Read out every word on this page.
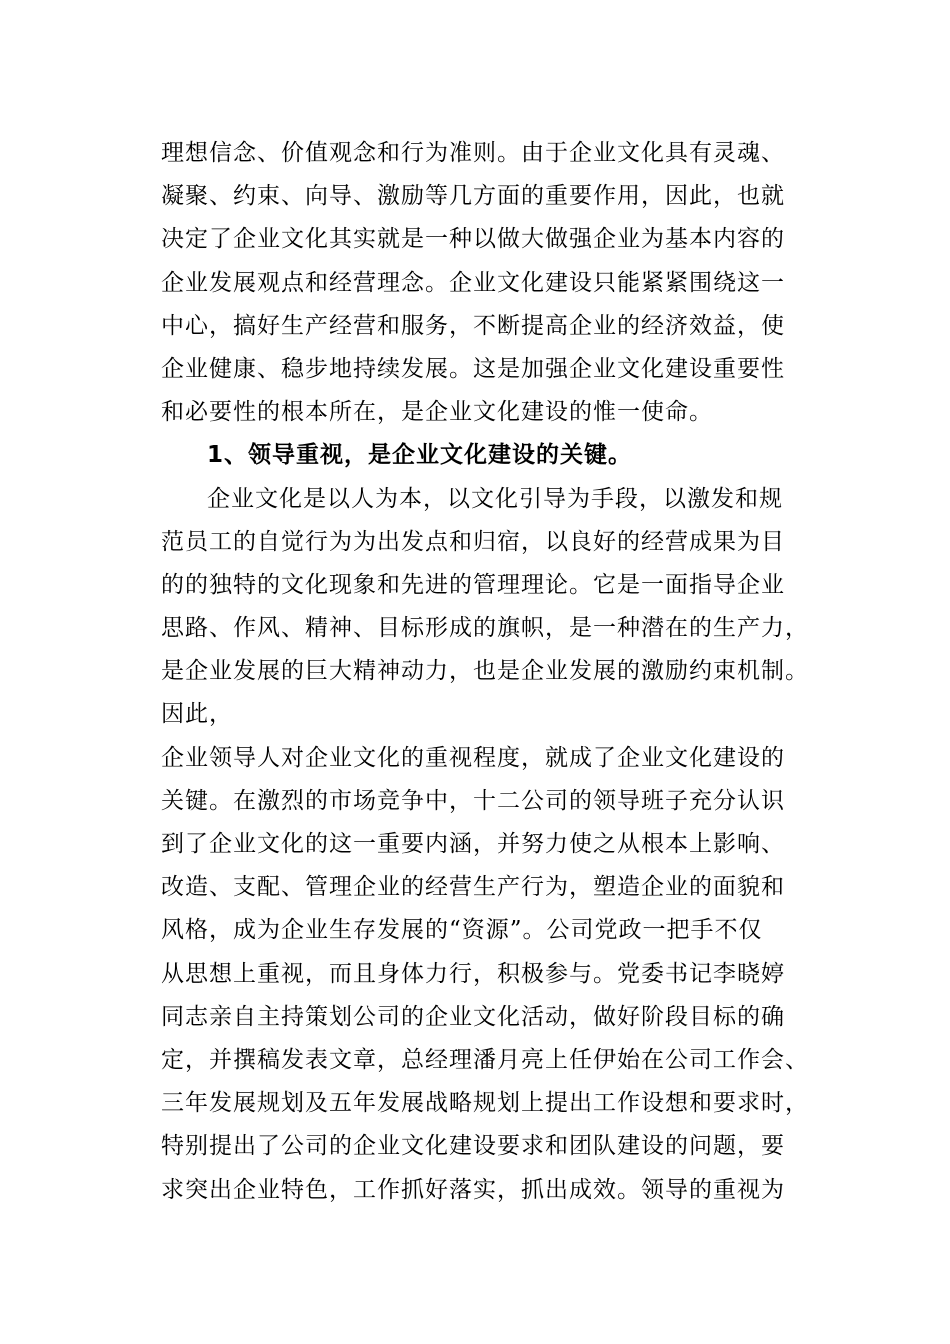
理想信念、价值观念和行为准则。由于企业文化具有灵魂、
凝聚、约束、向导、激励等几方面的重要作用，因此，也就
决定了企业文化其实就是一种以做大做强企业为基本内容的
企业发展观点和经营理念。企业文化建设只能紧紧围绕这一
中心，搞好生产经营和服务，不断提高企业的经济效益，使
企业健康、稳步地持续发展。这是加强企业文化建设重要性
和必要性的根本所在，是企业文化建设的惟一使命。
1、领导重视，是企业文化建设的关键。
企业文化是以人为本，以文化引导为手段，以激发和规
范员工的自觉行为为出发点和归宿，以良好的经营成果为目
的的独特的文化现象和先进的管理理论。它是一面指导企业
思路、作风、精神、目标形成的旗帜，是一种潜在的生产力，
是企业发展的巨大精神动力，也是企业发展的激励约束机制。
因此，
企业领导人对企业文化的重视程度，就成了企业文化建设的
关键。在激烈的市场竞争中，十二公司的领导班子充分认识
到了企业文化的这一重要内涵，并努力使之从根本上影响、
改造、支配、管理企业的经营生产行为，塑造企业的面貌和
风格，成为企业生存发展的“资源”。公司党政一把手不仅
从思想上重视，而且身体力行，积极参与。党委书记李晓婷
同志亲自主持策划公司的企业文化活动，做好阶段目标的确
定，并撰稿发表文章，总经理潘月亮上任伊始在公司工作会、
三年发展规划及五年发展战略规划上提出工作设想和要求时，
特别提出了公司的企业文化建设要求和团队建设的问题，要
求突出企业特色，工作抓好落实，抓出成效。领导的重视为
